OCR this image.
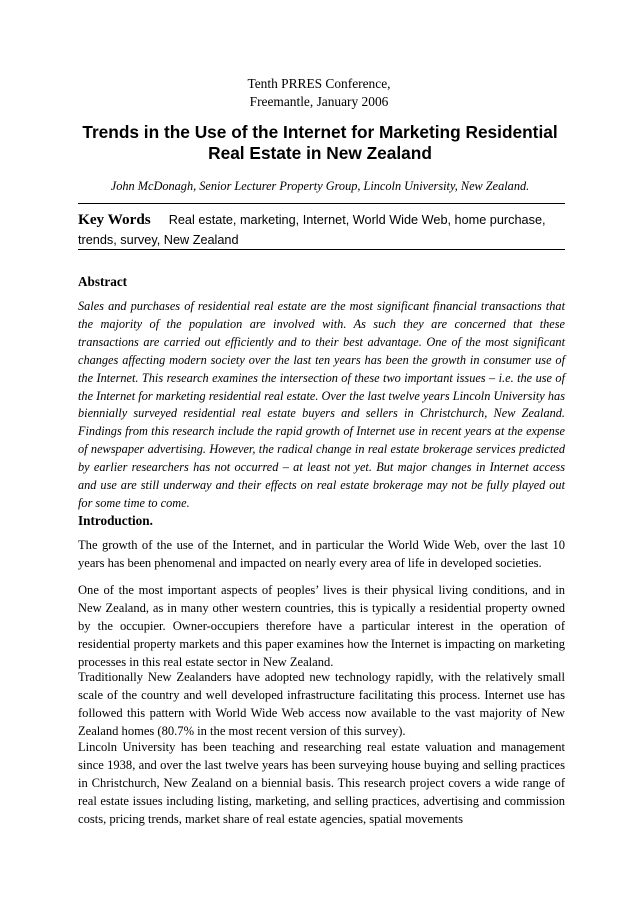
Tenth PRRES Conference,
Freemantle, January 2006
Trends in the Use of the Internet for Marketing Residential Real Estate in New Zealand
John McDonagh, Senior Lecturer Property Group, Lincoln University, New Zealand.
Key Words Real estate, marketing, Internet, World Wide Web, home purchase, trends, survey, New Zealand
Abstract

Sales and purchases of residential real estate are the most significant financial transactions that the majority of the population are involved with. As such they are concerned that these transactions are carried out efficiently and to their best advantage. One of the most significant changes affecting modern society over the last ten years has been the growth in consumer use of the Internet. This research examines the intersection of these two important issues – i.e. the use of the Internet for marketing residential real estate. Over the last twelve years Lincoln University has biennially surveyed residential real estate buyers and sellers in Christchurch, New Zealand. Findings from this research include the rapid growth of Internet use in recent years at the expense of newspaper advertising. However, the radical change in real estate brokerage services predicted by earlier researchers has not occurred – at least not yet. But major changes in Internet access and use are still underway and their effects on real estate brokerage may not be fully played out for some time to come.

Introduction.

The growth of the use of the Internet, and in particular the World Wide Web, over the last 10 years has been phenomenal and impacted on nearly every area of life in developed societies.

One of the most important aspects of peoples’ lives is their physical living conditions, and in New Zealand, as in many other western countries, this is typically a residential property owned by the occupier. Owner-occupiers therefore have a particular interest in the operation of residential property markets and this paper examines how the Internet is impacting on marketing processes in this real estate sector in New Zealand.

Traditionally New Zealanders have adopted new technology rapidly, with the relatively small scale of the country and well developed infrastructure facilitating this process. Internet use has followed this pattern with World Wide Web access now available to the vast majority of New Zealand homes (80.7% in the most recent version of this survey).

Lincoln University has been teaching and researching real estate valuation and management since 1938, and over the last twelve years has been surveying house buying and selling practices in Christchurch, New Zealand on a biennial basis. This research project covers a wide range of real estate issues including listing, marketing, and selling practices, advertising and commission costs, pricing trends, market share of real estate agencies, spatial movements
